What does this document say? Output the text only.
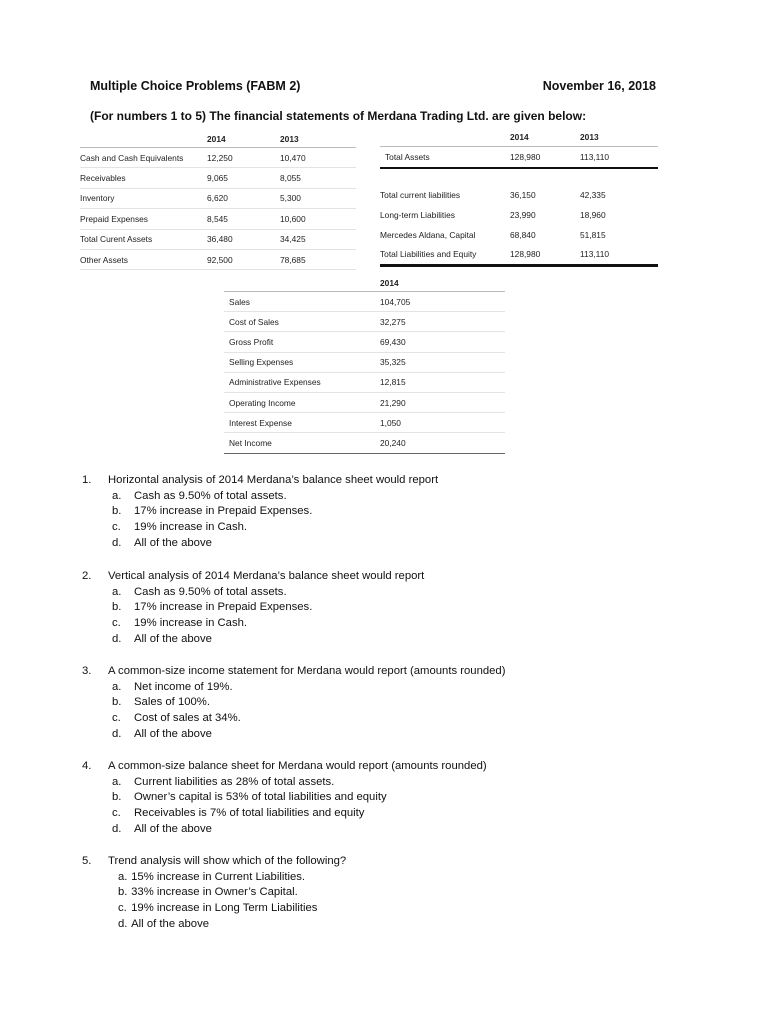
Multiple Choice Problems (FABM 2)	November 16, 2018
(For numbers 1 to 5) The financial statements of Merdana Trading Ltd. are given below:
	2014	2013
Cash and Cash Equivalents	12,250	10,470
Receivables	9,065	8,055
Inventory	6,620	5,300
Prepaid Expenses	8,545	10,600
Total Curent Assets	36,480	34,425
Other Assets	92,500	78,685
	2014	2013
Total Assets	128,980	113,110

Total current liabilities	36,150	42,335
Long-term Liabilities	23,990	18,960
Mercedes Aldana, Capital	68,840	51,815
Total Liabilities and Equity	128,980	113,110
	2014
Sales	104,705
Cost of Sales	32,275
Gross Profit	69,430
Selling Expenses	35,325
Administrative Expenses	12,815
Operating Income	21,290
Interest Expense	1,050
Net Income	20,240
1.	Horizontal analysis of 2014 Merdana’s balance sheet would report
a.	Cash as 9.50% of total assets.
b.	17% increase in Prepaid Expenses.
c.	19% increase in Cash.
d.	All of the above
2.	Vertical analysis of 2014 Merdana’s balance sheet would report
a.	Cash as 9.50% of total assets.
b.	17% increase in Prepaid Expenses.
c.	19% increase in Cash.
d.	All of the above
3.	A common-size income statement for Merdana would report (amounts rounded)
a.	Net income of 19%.
b.	Sales of 100%.
c.	Cost of sales at 34%.
d.	All of the above
4.	A common-size balance sheet for Merdana would report (amounts rounded)
a.	Current liabilities as 28% of total assets.
b.	Owner’s capital is 53% of total liabilities and equity
c.	Receivables is 7% of total liabilities and equity
d.	All of the above
5.	Trend analysis will show which of the following?
a.
15% increase in Current Liabilities.
b.
33% increase in Owner’s Capital.
c.
19% increase in Long Term Liabilities
d.
All of the above
